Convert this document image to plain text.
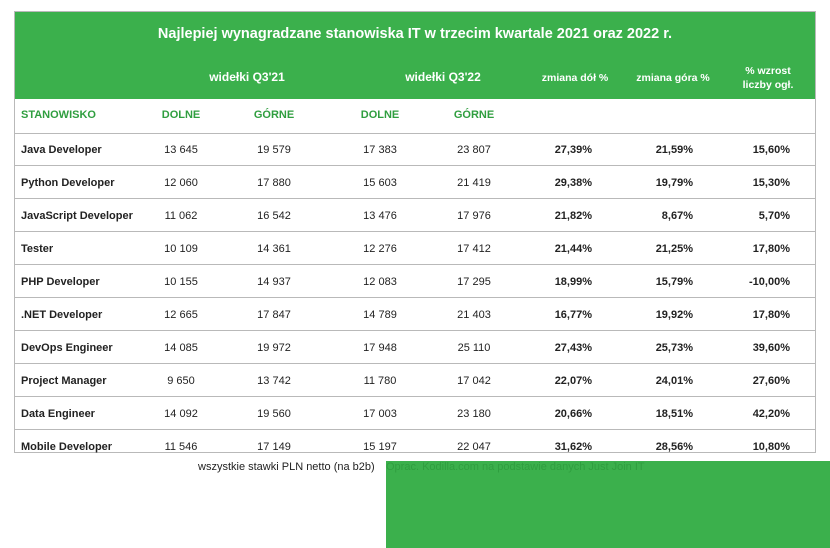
Najlepiej wynagradzane stanowiska IT w trzecim kwartale 2021 oraz 2022 r.
widełki Q3'21	widełki Q3'22	zmiana dół %	zmiana góra %
% wzrost liczby ogł.
STANOWISKO	DOLNE	GÓRNE	DOLNE	GÓRNE
Java Developer	13 645	19 579	17 383	23 807	27,39%	21,59%	15,60%
Python Developer	12 060	17 880	15 603	21 419	29,38%	19,79%	15,30%
JavaScript Developer	11 062	16 542	13 476	17 976	21,82%	8,67%	5,70%
Tester	10 109	14 361	12 276	17 412	21,44%	21,25%	17,80%
PHP Developer	10 155	14 937	12 083	17 295	18,99%	15,79%	-10,00%
.NET Developer	12 665	17 847	14 789	21 403	16,77%	19,92%	17,80%
DevOps Engineer	14 085	19 972	17 948	25 110	27,43%	25,73%	39,60%
Project Manager	9 650	13 742	11 780	17 042	22,07%	24,01%	27,60%
Data Engineer	14 092	19 560	17 003	23 180	20,66%	18,51%	42,20%
Mobile Developer	11 546	17 149	15 197	22 047	31,62%	28,56%	10,80%
wszystkie stawki PLN netto (na b2b) Oprac. Kodilla.com na podstawie danych Just Join IT
